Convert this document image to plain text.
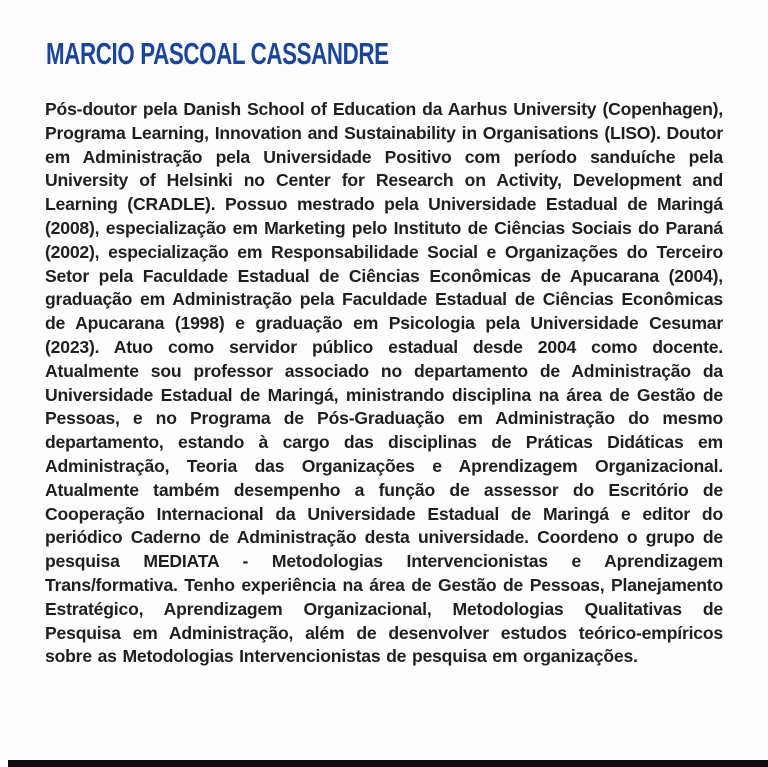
MARCIO PASCOAL CASSANDRE

Pós-doutor pela Danish School of Education da Aarhus University (Copenhagen), Programa Learning, Innovation and Sustainability in Organisations (LISO). Doutor em Administração pela Universidade Positivo com período sanduíche pela University of Helsinki no Center for Research on Activity, Development and Learning (CRADLE). Possuo mestrado pela Universidade Estadual de Maringá (2008), especialização em Marketing pelo Instituto de Ciências Sociais do Paraná (2002), especialização em Responsabilidade Social e Organizações do Terceiro Setor pela Faculdade Estadual de Ciências Econômicas de Apucarana (2004), graduação em Administração pela Faculdade Estadual de Ciências Econômicas de Apucarana (1998) e graduação em Psicologia pela Universidade Cesumar (2023). Atuo como servidor público estadual desde 2004 como docente. Atualmente sou professor associado no departamento de Administração da Universidade Estadual de Maringá, ministrando disciplina na área de Gestão de Pessoas, e no Programa de Pós-Graduação em Administração do mesmo departamento, estando à cargo das disciplinas de Práticas Didáticas em Administração, Teoria das Organizações e Aprendizagem Organizacional. Atualmente também desempenho a função de assessor do Escritório de Cooperação Internacional da Universidade Estadual de Maringá e editor do periódico Caderno de Administração desta universidade. Coordeno o grupo de pesquisa MEDIATA - Metodologias Intervencionistas e Aprendizagem Trans/formativa. Tenho experiência na área de Gestão de Pessoas, Planejamento Estratégico, Aprendizagem Organizacional, Metodologias Qualitativas de Pesquisa em Administração, além de desenvolver estudos teórico-empíricos sobre as Metodologias Intervencionistas de pesquisa em organizações.
